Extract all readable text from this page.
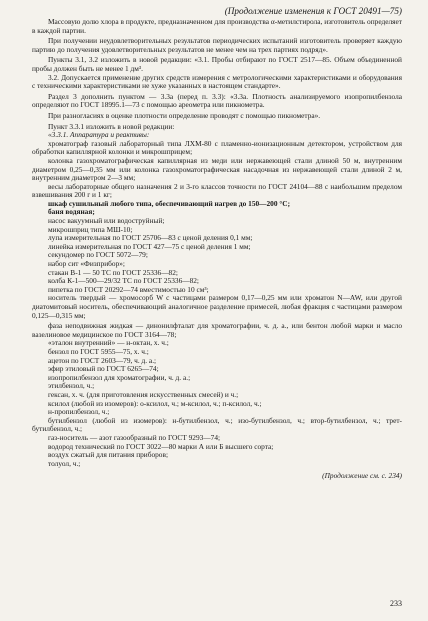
(Продолжение изменения к ГОСТ 20491—75)

Массовую долю хлора в продукте, предназначенном для производства α-метилстирола, изготовитель определяет в каждой партии.

При получении неудовлетворительных результатов периодических испытаний изготовитель проверяет каждую партию до получения удовлетворительных результатов не менее чем на трех партиях подряд».

Пункты 3.1, 3.2 изложить в новой редакции: «3.1. Пробы отбирают по ГОСТ 2517—85. Объем объединенной пробы должен быть не менее 1 дм³.

3.2. Допускается применение других средств измерения с метрологическими характеристиками и оборудования с техническими характеристиками не хуже указанных в настоящем стандарте».

Раздел 3 дополнить пунктом — 3.3а (перед п. 3.3): «3.3а. Плотность анализируемого изопропилбензола определяют по ГОСТ 18995.1—73 с помощью ареометра или пикнометра.

При разногласиях в оценке плотности определение проводят с помощью пикнометра».

Пункт 3.3.1 изложить в новой редакции:

«3.3.1. Аппаратура и реактивы:

хроматограф газовый лабораторный типа ЛХМ-80 с пламенно-ионизационным детектором, устройством для обработки капиллярной колонки и микрошприцем;

колонка газохроматографическая капиллярная из меди или нержавеющей стали длиной 50 м, внутренним диаметром 0,25—0,35 мм или колонка газохроматографическая насадочная из нержавеющей стали длиной 2 м, внутренним диаметром 2—3 мм;

весы лабораторные общего назначения 2 и 3-го классов точности по ГОСТ 24104—88 с наибольшим пределом взвешивания 200 г и 1 кг;

шкаф сушильный любого типа, обеспечивающий нагрев до 150—200 °С;

баня водяная;

насос вакуумный или водоструйный;

микрошприц типа МШ-10;

лупа измерительная по ГОСТ 25706—83 с ценой деления 0,1 мм;

линейка измерительная по ГОСТ 427—75 с ценой деления 1 мм;

секундомер по ГОСТ 5072—79;

набор сит «Физприбор»;

стакан В-1 — 50 ТС по ГОСТ 25336—82;

колба К-1—500—29/32 ТС по ГОСТ 25336—82;

пипетка по ГОСТ 20292—74 вместимостью 10 см³;

носитель твердый — хромосорб W с частицами размером 0,17—0,25 мм или хроматон N—AW, или другой диатомитовый носитель, обеспечивающий аналогичное разделение примесей, любая фракция с частицами размером 0,125—0,315 мм;

фаза неподвижная жидкая — динонилфталат для хроматографии, ч. д. а., или бентон любой марки и масло вазелиновое медицинское по ГОСТ 3164—78;

«эталон внутренний» — н-октан, х. ч.;

бензол по ГОСТ 5955—75, х. ч.;

ацетон по ГОСТ 2603—79, ч. д. а.;

эфир этиловый по ГОСТ 6265—74;

изопропилбензол для хроматографии, ч. д. а.;

этилбензол, ч.;

гексан, х. ч. (для приготовления искусственных смесей) и ч.;

ксилол (любой из изомеров): о-ксилол, ч.; м-ксилол, ч.; п-ксилол, ч.;

н-пропилбензол, ч.;

бутилбензол (любой из изомеров): н-бутилбензол, ч.; изо-бутилбензол, ч.; втор-бутилбензол, ч.; трет-бутилбензол, ч.;

газ-носитель — азот газообразный по ГОСТ 9293—74;

водород технический по ГОСТ 3022—80 марки А или Б высшего сорта;

воздух сжатый для питания приборов;

толуол, ч.;

(Продолжение см. с. 234)
233
